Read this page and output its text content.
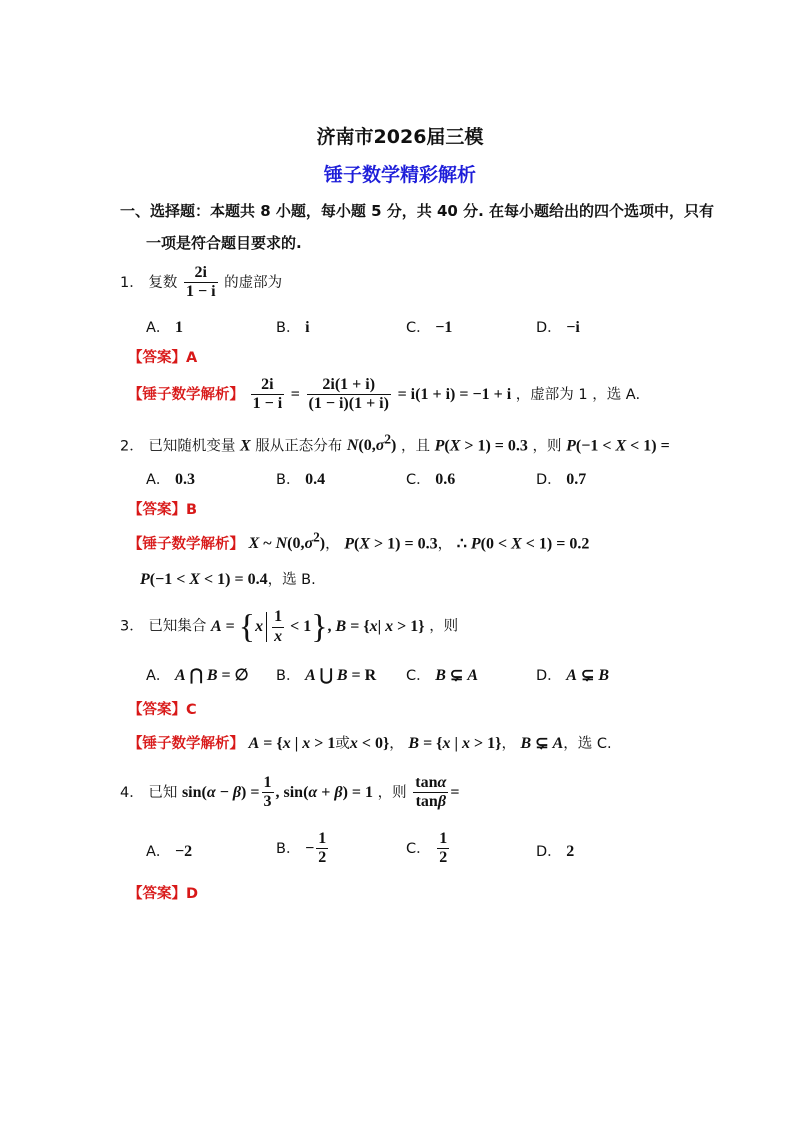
济南市2026届三模
锤子数学精彩解析
一、选择题：本题共 8 小题，每小题 5 分，共 40 分. 在每小题给出的四个选项中，只有
一项是符合题目要求的.
1． 复数 $\frac{2i}{1 - i}$ 的虚部为
A． 1	B． i	C． −1	D． −i
【答案】A
【锤子数学解析】 $\frac{2i}{1 - i} = \frac{2i(1 + i)}{(1 - i)(1 + i)} = i(1 + i) = -1 + i$ ，虚部为 1 ，选 A.
2． 已知随机变量 X 服从正态分布 $N(0,\sigma^2)$ ，且 P(X > 1) = 0.3 ，则 P(−1 < X < 1) =
A． 0.3	B． 0.4	C． 0.6	D． 0.7
【答案】B
【锤子数学解析】 X ~ $N(0,\sigma^2)$， P(X > 1) = 0.3， ∴ P(0 < X < 1) = 0.2
P(−1 < X < 1) = 0.4，选 B.
3． 已知集合 $A = \{x \frac{1}{x} < 1\}$, B = {x| x > 1} ，则
A． A ⋂ B = ∅ B． A ⋃ B = R C． B ⊊ A	D． A ⊊ B
【答案】C
【锤子数学解析】 A = {x | x > 1或x < 0}， B = {x | x > 1}， B ⊊ A，选 C.
4． 已知 $\sin(\alpha - \beta) = \frac{1}{3}$ , sin(α + β) = 1 ，则 $\frac{\tan\alpha}{\tan\beta}$ =
A． −2	B． − $\frac{1}{2}$	C． $\frac{1}{2}$	D． 2
【答案】D
